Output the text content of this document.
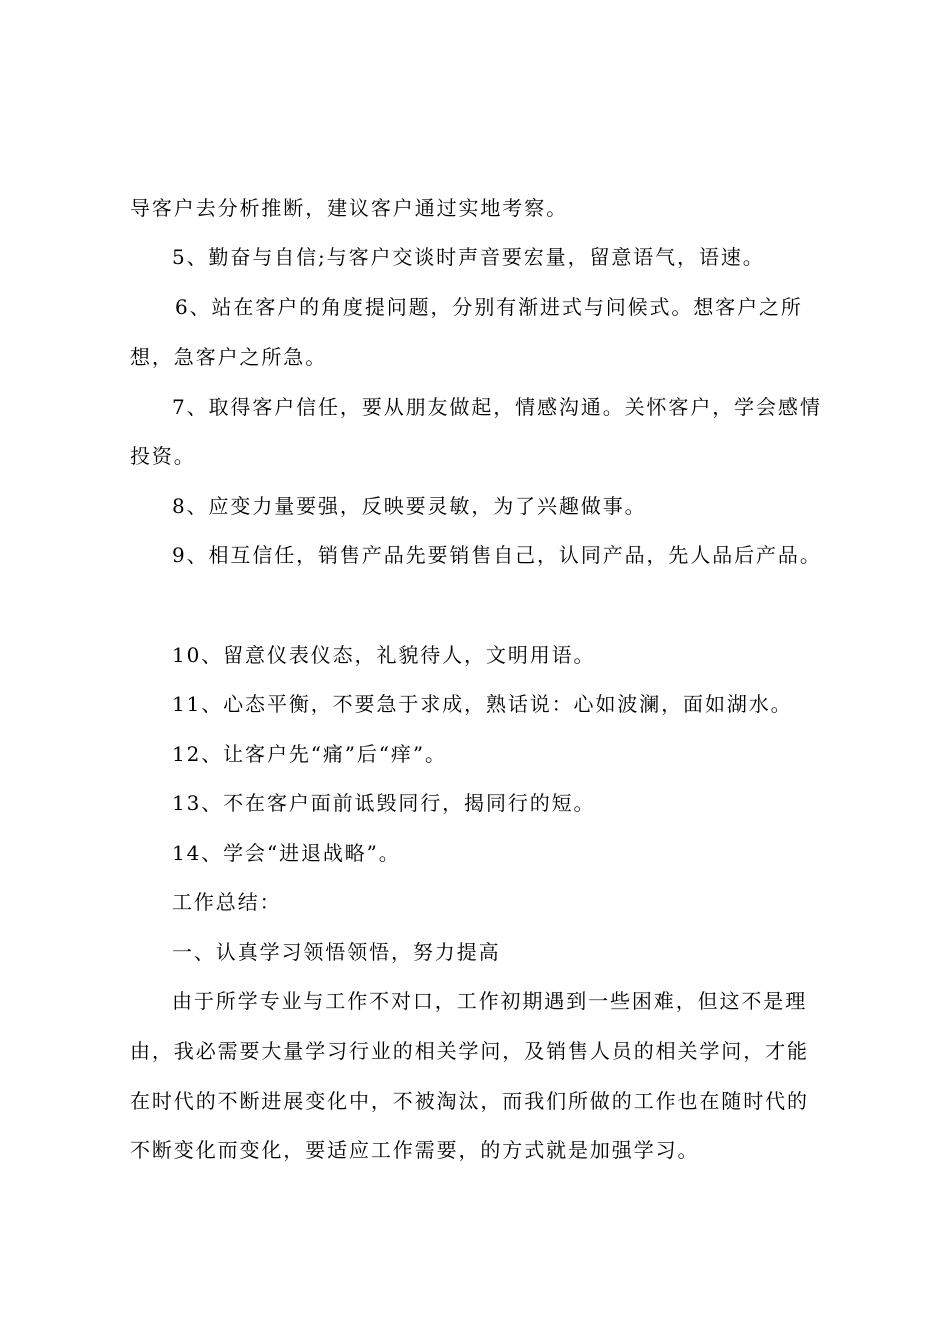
导客户去分析推断，建议客户通过实地考察。
5、勤奋与自信;与客户交谈时声音要宏量，留意语气，语速。
6、站在客户的角度提问题，分别有渐进式与问候式。想客户之所
想，急客户之所急。
7、取得客户信任，要从朋友做起，情感沟通。关怀客户，学会感情
投资。
8、应变力量要强，反映要灵敏，为了兴趣做事。
9、相互信任，销售产品先要销售自己，认同产品，先人品后产品。
10、留意仪表仪态，礼貌待人，文明用语。
11、心态平衡，不要急于求成，熟话说：心如波澜，面如湖水。
12、让客户先“痛”后“痒”。
13、不在客户面前诋毁同行，揭同行的短。
14、学会“进退战略”。
工作总结：
一、认真学习领悟领悟，努力提高
由于所学专业与工作不对口，工作初期遇到一些困难，但这不是理
由，我必需要大量学习行业的相关学问，及销售人员的相关学问，才能
在时代的不断进展变化中，不被淘汰，而我们所做的工作也在随时代的
不断变化而变化，要适应工作需要，的方式就是加强学习。
